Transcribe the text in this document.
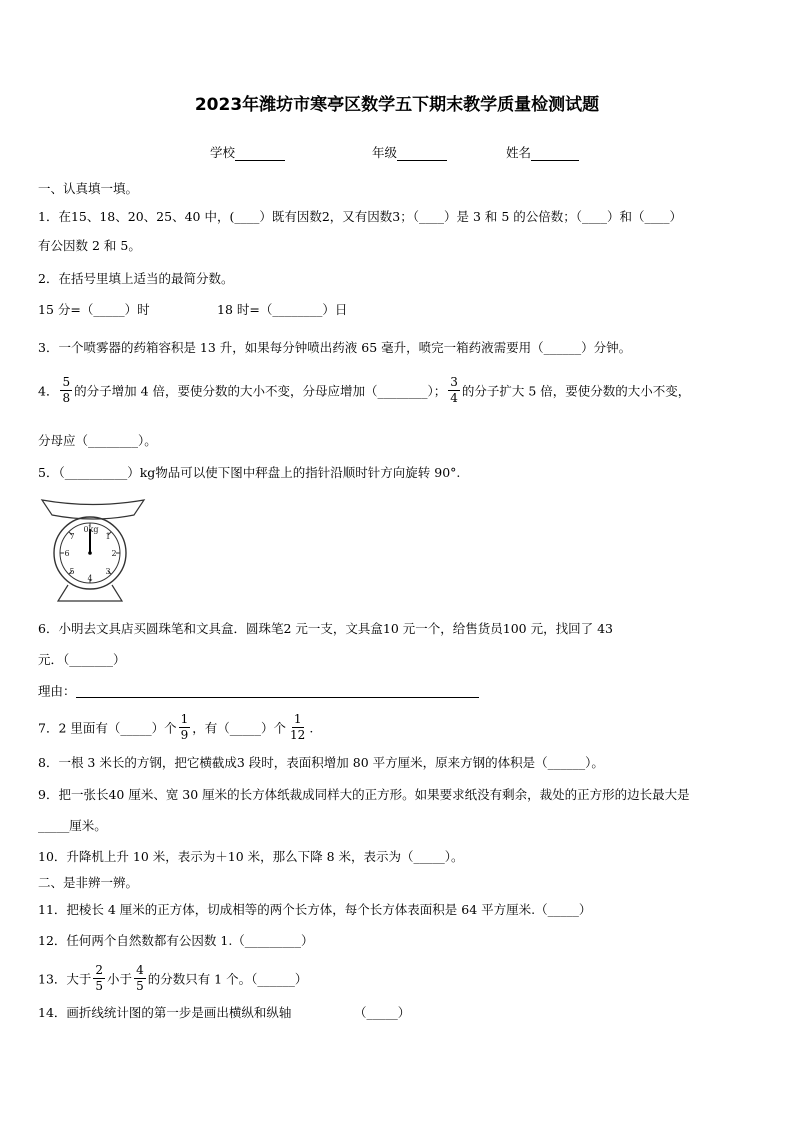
2023年潍坊市寒亭区数学五下期末教学质量检测试题
学校	年级	姓名
一、认真填一填。
1．在15、18、20、25、40 中，(____）既有因数2，又有因数3；（____）是 3 和 5 的公倍数；（____）和（____）
有公因数 2 和 5。
2．在括号里填上适当的最简分数。
15 分=（_____）时	18 时=（________）日
3．一个喷雾器的药箱容积是 13 升，如果每分钟喷出药液 65 毫升，喷完一箱药液需要用（______）分钟。
4． $\frac{5}{8}$ 的分子增加 4 倍，要使分数的大小不变，分母应增加（________）； $\frac{3}{4}$ 的分子扩大 5 倍，要使分数的大小不变，
分母应（________）。
5．（__________）kg物品可以使下图中秤盘上的指针沿顺时针方向旋转 90°.
0kg
7
6
5
4
3
2
1
6．小明去文具店买圆珠笔和文具盒．圆珠笔2 元一支，文具盒10 元一个，给售货员100 元，找回了 43
元．（_______）
理由：
7．2 里面有（_____）个 $\frac{1}{9}$ ，有（_____）个 $\frac{1}{12}$ .
8．一根 3 米长的方钢，把它横截成3 段时，表面积增加 80 平方厘米，原来方钢的体积是（______）。
9．把一张长40 厘米、宽 30 厘米的长方体纸裁成同样大的正方形。如果要求纸没有剩余，裁处的正方形的边长最大是
_____厘米。
10．升降机上升 10 米，表示为＋10 米，那么下降 8 米，表示为（_____）。
二、是非辨一辨。
11．把棱长 4 厘米的正方体，切成相等的两个长方体，每个长方体表面积是 64 平方厘米.（_____）
12．任何两个自然数都有公因数 1.（_________）
13．大于 $\frac{2}{5}$ 小于 $\frac{4}{5}$ 的分数只有 1 个。（______）
14．画折线统计图的第一步是画出横纵和纵轴	（_____）
